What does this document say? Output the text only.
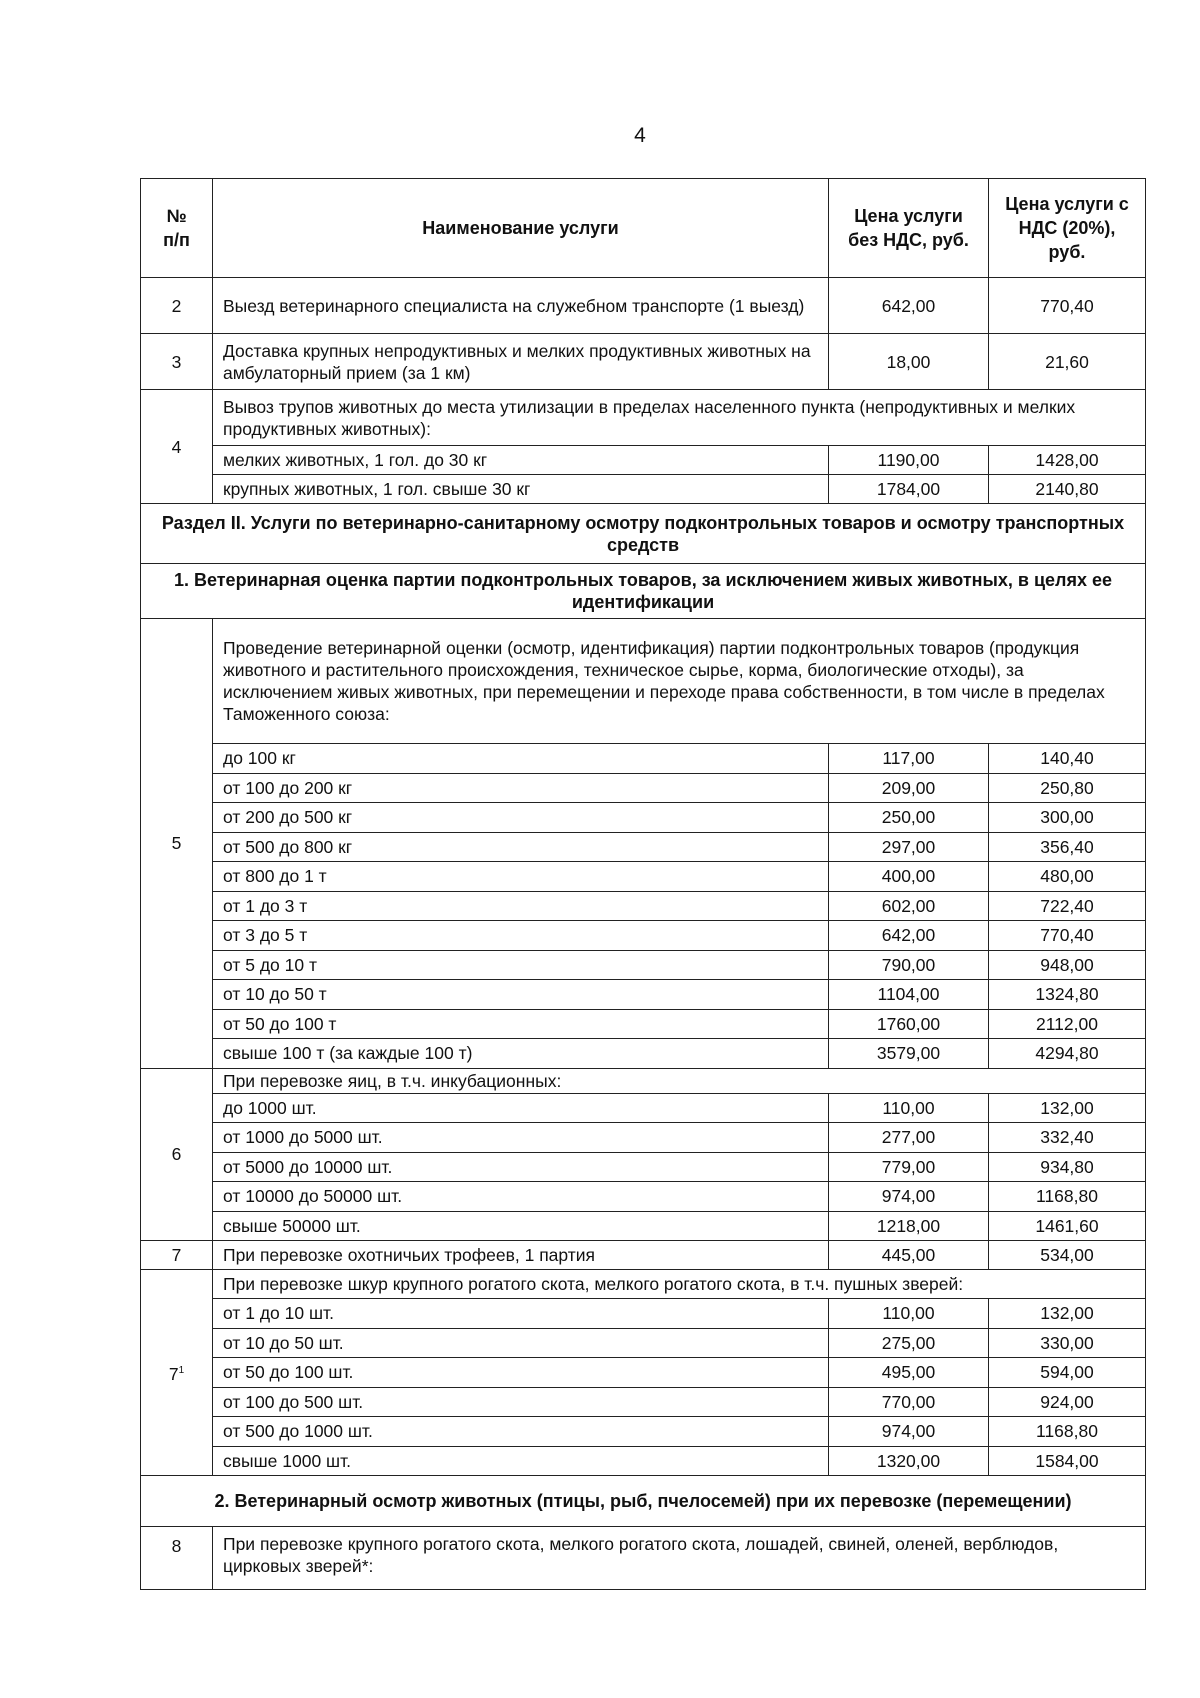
4
№ п/п	Наименование услуги	Цена услуги без НДС, руб.	Цена услуги с НДС (20%), руб.
2	Выезд ветеринарного специалиста на служебном транспорте (1 выезд)	642,00	770,40
3	Доставка крупных непродуктивных и мелких продуктивных животных на амбулаторный прием (за 1 км)	18,00	21,60
4	Вывоз трупов животных до места утилизации в пределах населенного пункта (непродуктивных и мелких продуктивных животных):		
	мелких животных, 1 гол. до 30 кг	1190,00	1428,00
	крупных животных, 1 гол. свыше 30 кг	1784,00	2140,80
Раздел II. Услуги по ветеринарно-санитарному осмотру подконтрольных товаров и осмотру транспортных средств			
1. Ветеринарная оценка партии подконтрольных товаров, за исключением живых животных, в целях ее идентификации			
5	Проведение ветеринарной оценки (осмотр, идентификация) партии подконтрольных товаров (продукция животного и растительного происхождения, техническое сырье, корма, биологические отходы), за исключением живых животных, при перемещении и переходе права собственности, в том числе в пределах Таможенного союза:		
	до 100 кг	117,00	140,40
	от 100 до 200 кг	209,00	250,80
	от 200 до 500 кг	250,00	300,00
	от 500 до 800 кг	297,00	356,40
	от 800 до 1 т	400,00	480,00
	от 1 до 3 т	602,00	722,40
	от 3 до 5 т	642,00	770,40
	от 5 до 10 т	790,00	948,00
	от 10 до 50 т	1104,00	1324,80
	от 50 до 100 т	1760,00	2112,00
	свыше 100 т (за каждые 100 т)	3579,00	4294,80
6	При перевозке яиц, в т.ч. инкубационных:		
	до 1000 шт.	110,00	132,00
	от 1000 до 5000 шт.	277,00	332,40
	от 5000 до 10000 шт.	779,00	934,80
	от 10000 до 50000 шт.	974,00	1168,80
	свыше 50000 шт.	1218,00	1461,60
7	При перевозке охотничьих трофеев, 1 партия	445,00	534,00
$7^1$	При перевозке шкур крупного рогатого скота, мелкого рогатого скота, в т.ч. пушных зверей:		
	от 1 до 10 шт.	110,00	132,00
	от 10 до 50 шт.	275,00	330,00
	от 50 до 100 шт.	495,00	594,00
	от 100 до 500 шт.	770,00	924,00
	от 500 до 1000 шт.	974,00	1168,80
	свыше 1000 шт.	1320,00	1584,00
2. Ветеринарный осмотр животных (птицы, рыб, пчелосемей) при их перевозке (перемещении)			
8	При перевозке крупного рогатого скота, мелкого рогатого скота, лошадей, свиней, оленей, верблюдов, цирковых зверей*:		
